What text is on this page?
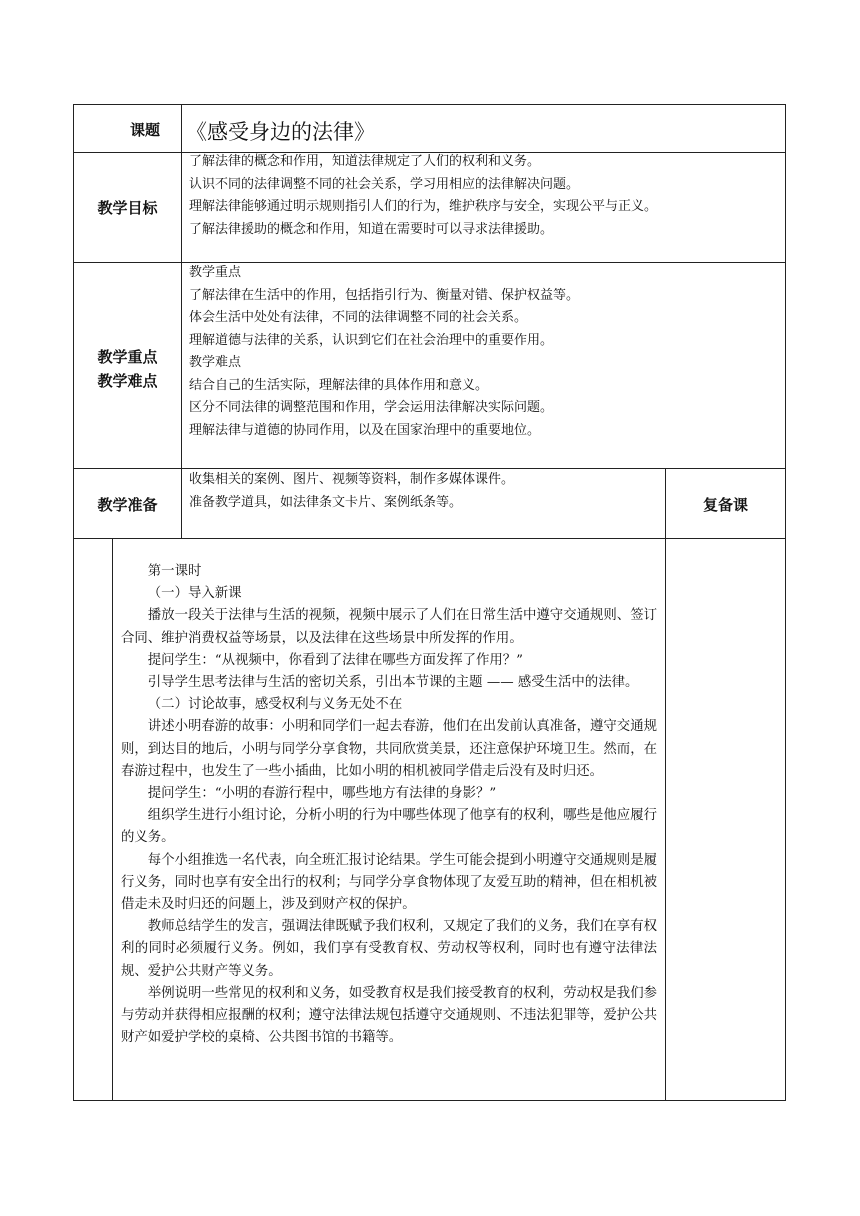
课题	《感受身边的法律》
教学目标
了解法律的概念和作用，知道法律规定了人们的权利和义务。
认识不同的法律调整不同的社会关系，学习用相应的法律解决问题。
理解法律能够通过明示规则指引人们的行为，维护秩序与安全，实现公平与正义。
了解法律援助的概念和作用，知道在需要时可以寻求法律援助。
教学重点
教学难点
教学重点
了解法律在生活中的作用，包括指引行为、衡量对错、保护权益等。
体会生活中处处有法律，不同的法律调整不同的社会关系。
理解道德与法律的关系，认识到它们在社会治理中的重要作用。
教学难点
结合自己的生活实际，理解法律的具体作用和意义。
区分不同法律的调整范围和作用，学会运用法律解决实际问题。
理解法律与道德的协同作用，以及在国家治理中的重要地位。
教学准备
收集相关的案例、图片、视频等资料，制作多媒体课件。
准备教学道具，如法律条文卡片、案例纸条等。	复备课

第一课时

（一）导入新课

播放一段关于法律与生活的视频，视频中展示了人们在日常生活中遵守交通规则、签订合同、维护消费权益等场景，以及法律在这些场景中所发挥的作用。

提问学生：“从视频中，你看到了法律在哪些方面发挥了作用？”

引导学生思考法律与生活的密切关系，引出本节课的主题 —— 感受生活中的法律。

（二）讨论故事，感受权利与义务无处不在

讲述小明春游的故事：小明和同学们一起去春游，他们在出发前认真准备，遵守交通规则，到达目的地后，小明与同学分享食物，共同欣赏美景，还注意保护环境卫生。然而，在春游过程中，也发生了一些小插曲，比如小明的相机被同学借走后没有及时归还。

提问学生：“小明的春游行程中，哪些地方有法律的身影？”

组织学生进行小组讨论，分析小明的行为中哪些体现了他享有的权利，哪些是他应履行的义务。

每个小组推选一名代表，向全班汇报讨论结果。学生可能会提到小明遵守交通规则是履行义务，同时也享有安全出行的权利；与同学分享食物体现了友爱互助的精神，但在相机被借走未及时归还的问题上，涉及到财产权的保护。

教师总结学生的发言，强调法律既赋予我们权利，又规定了我们的义务，我们在享有权利的同时必须履行义务。例如，我们享有受教育权、劳动权等权利，同时也有遵守法律法规、爱护公共财产等义务。

举例说明一些常见的权利和义务，如受教育权是我们接受教育的权利，劳动权是我们参与劳动并获得相应报酬的权利；遵守法律法规包括遵守交通规则、不违法犯罪等，爱护公共财产如爱护学校的桌椅、公共图书馆的书籍等。
